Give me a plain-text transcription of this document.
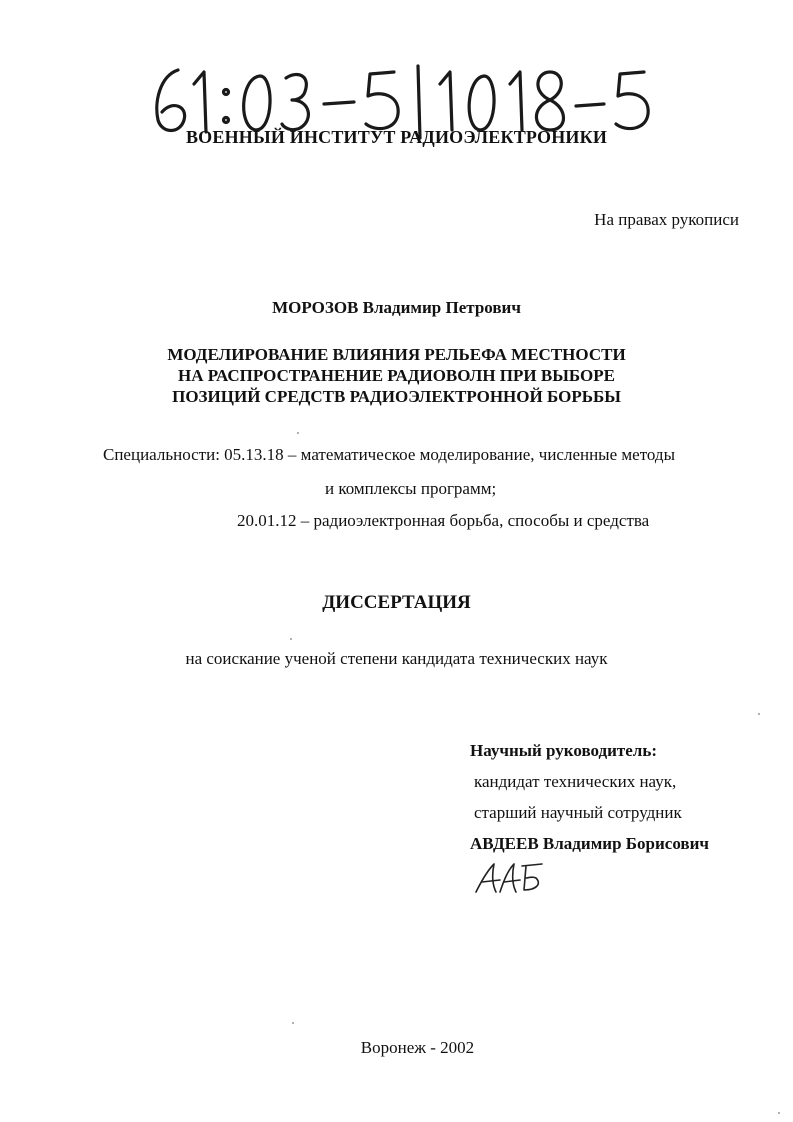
61:03-5/1018-5
ВОЕННЫЙ ИНСТИТУТ РАДИОЭЛЕКТРОНИКИ
На правах рукописи
МОРОЗОВ Владимир Петрович
МОДЕЛИРОВАНИЕ ВЛИЯНИЯ РЕЛЬЕФА МЕСТНОСТИ
НА РАСПРОСТРАНЕНИЕ РАДИОВОЛН ПРИ ВЫБОРЕ
ПОЗИЦИЙ СРЕДСТВ РАДИОЭЛЕКТРОННОЙ БОРЬБЫ
Специальности: 05.13.18 – математическое моделирование, численные методы
и комплексы программ;
20.01.12 – радиоэлектронная борьба, способы и средства
ДИССЕРТАЦИЯ
на соискание ученой степени кандидата технических наук
Научный руководитель:
кандидат технических наук,
старший научный сотрудник
АВДЕЕВ Владимир Борисович
Воронеж - 2002
